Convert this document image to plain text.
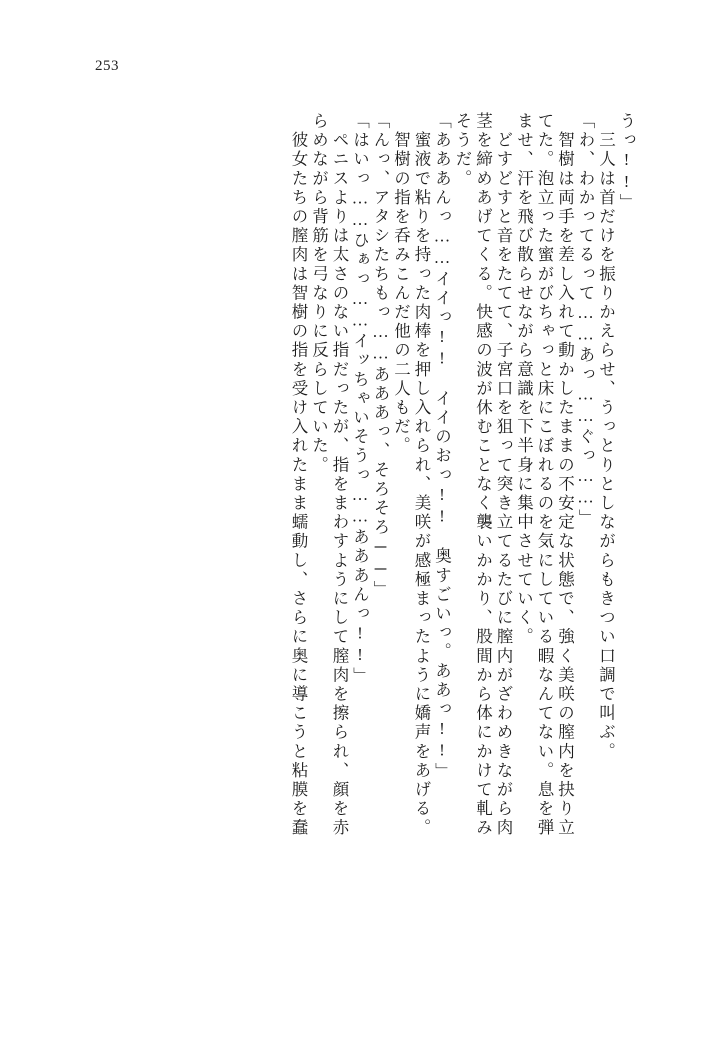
253
うっ!!」
　三人は首だけを振りかえらせ、うっとりとしながらもきつい口調で叫ぶ。
「わ、わかってるって……あっ……ぐっ……」
　智樹は両手を差し入れて動かしたままの不安定な状態で、強く美咲の膣内を抉り立
てた。泡立った蜜がびちゃっと床にこぼれるのを気にしている暇なんてない。息を弾
ませ、汗を飛び散らせながら意識を下半身に集中させていく。
　どすどすと音をたてて、子宮口を狙って突き立てるたびに膣内がざわめきながら肉
茎を締めあげてくる。快感の波が休むことなく襲いかかり、股間から体にかけて軋み
そうだ。
「あああんっ……イイっ!!　イイのおっ!!　奥すごいっ。ああっ!!」
　蜜液で粘りを持った肉棒を押し入れられ、美咲が感極まったように嬌声をあげる。
　智樹の指を呑みこんだ他の二人もだ。
「んっ、アタシたちもっ……あああっ、そろそろ──」
「はいっ……ひぁっ……イッちゃいそうっ……あああんっ!!」
　ペニスよりは太さのない指だったが、指をまわすようにして膣肉を擦られ、顔を赤
らめながら背筋を弓なりに反らしていた。
　彼女たちの膣肉は智樹の指を受け入れたまま蠕動し、さらに奥に導こうと粘膜を蠢
